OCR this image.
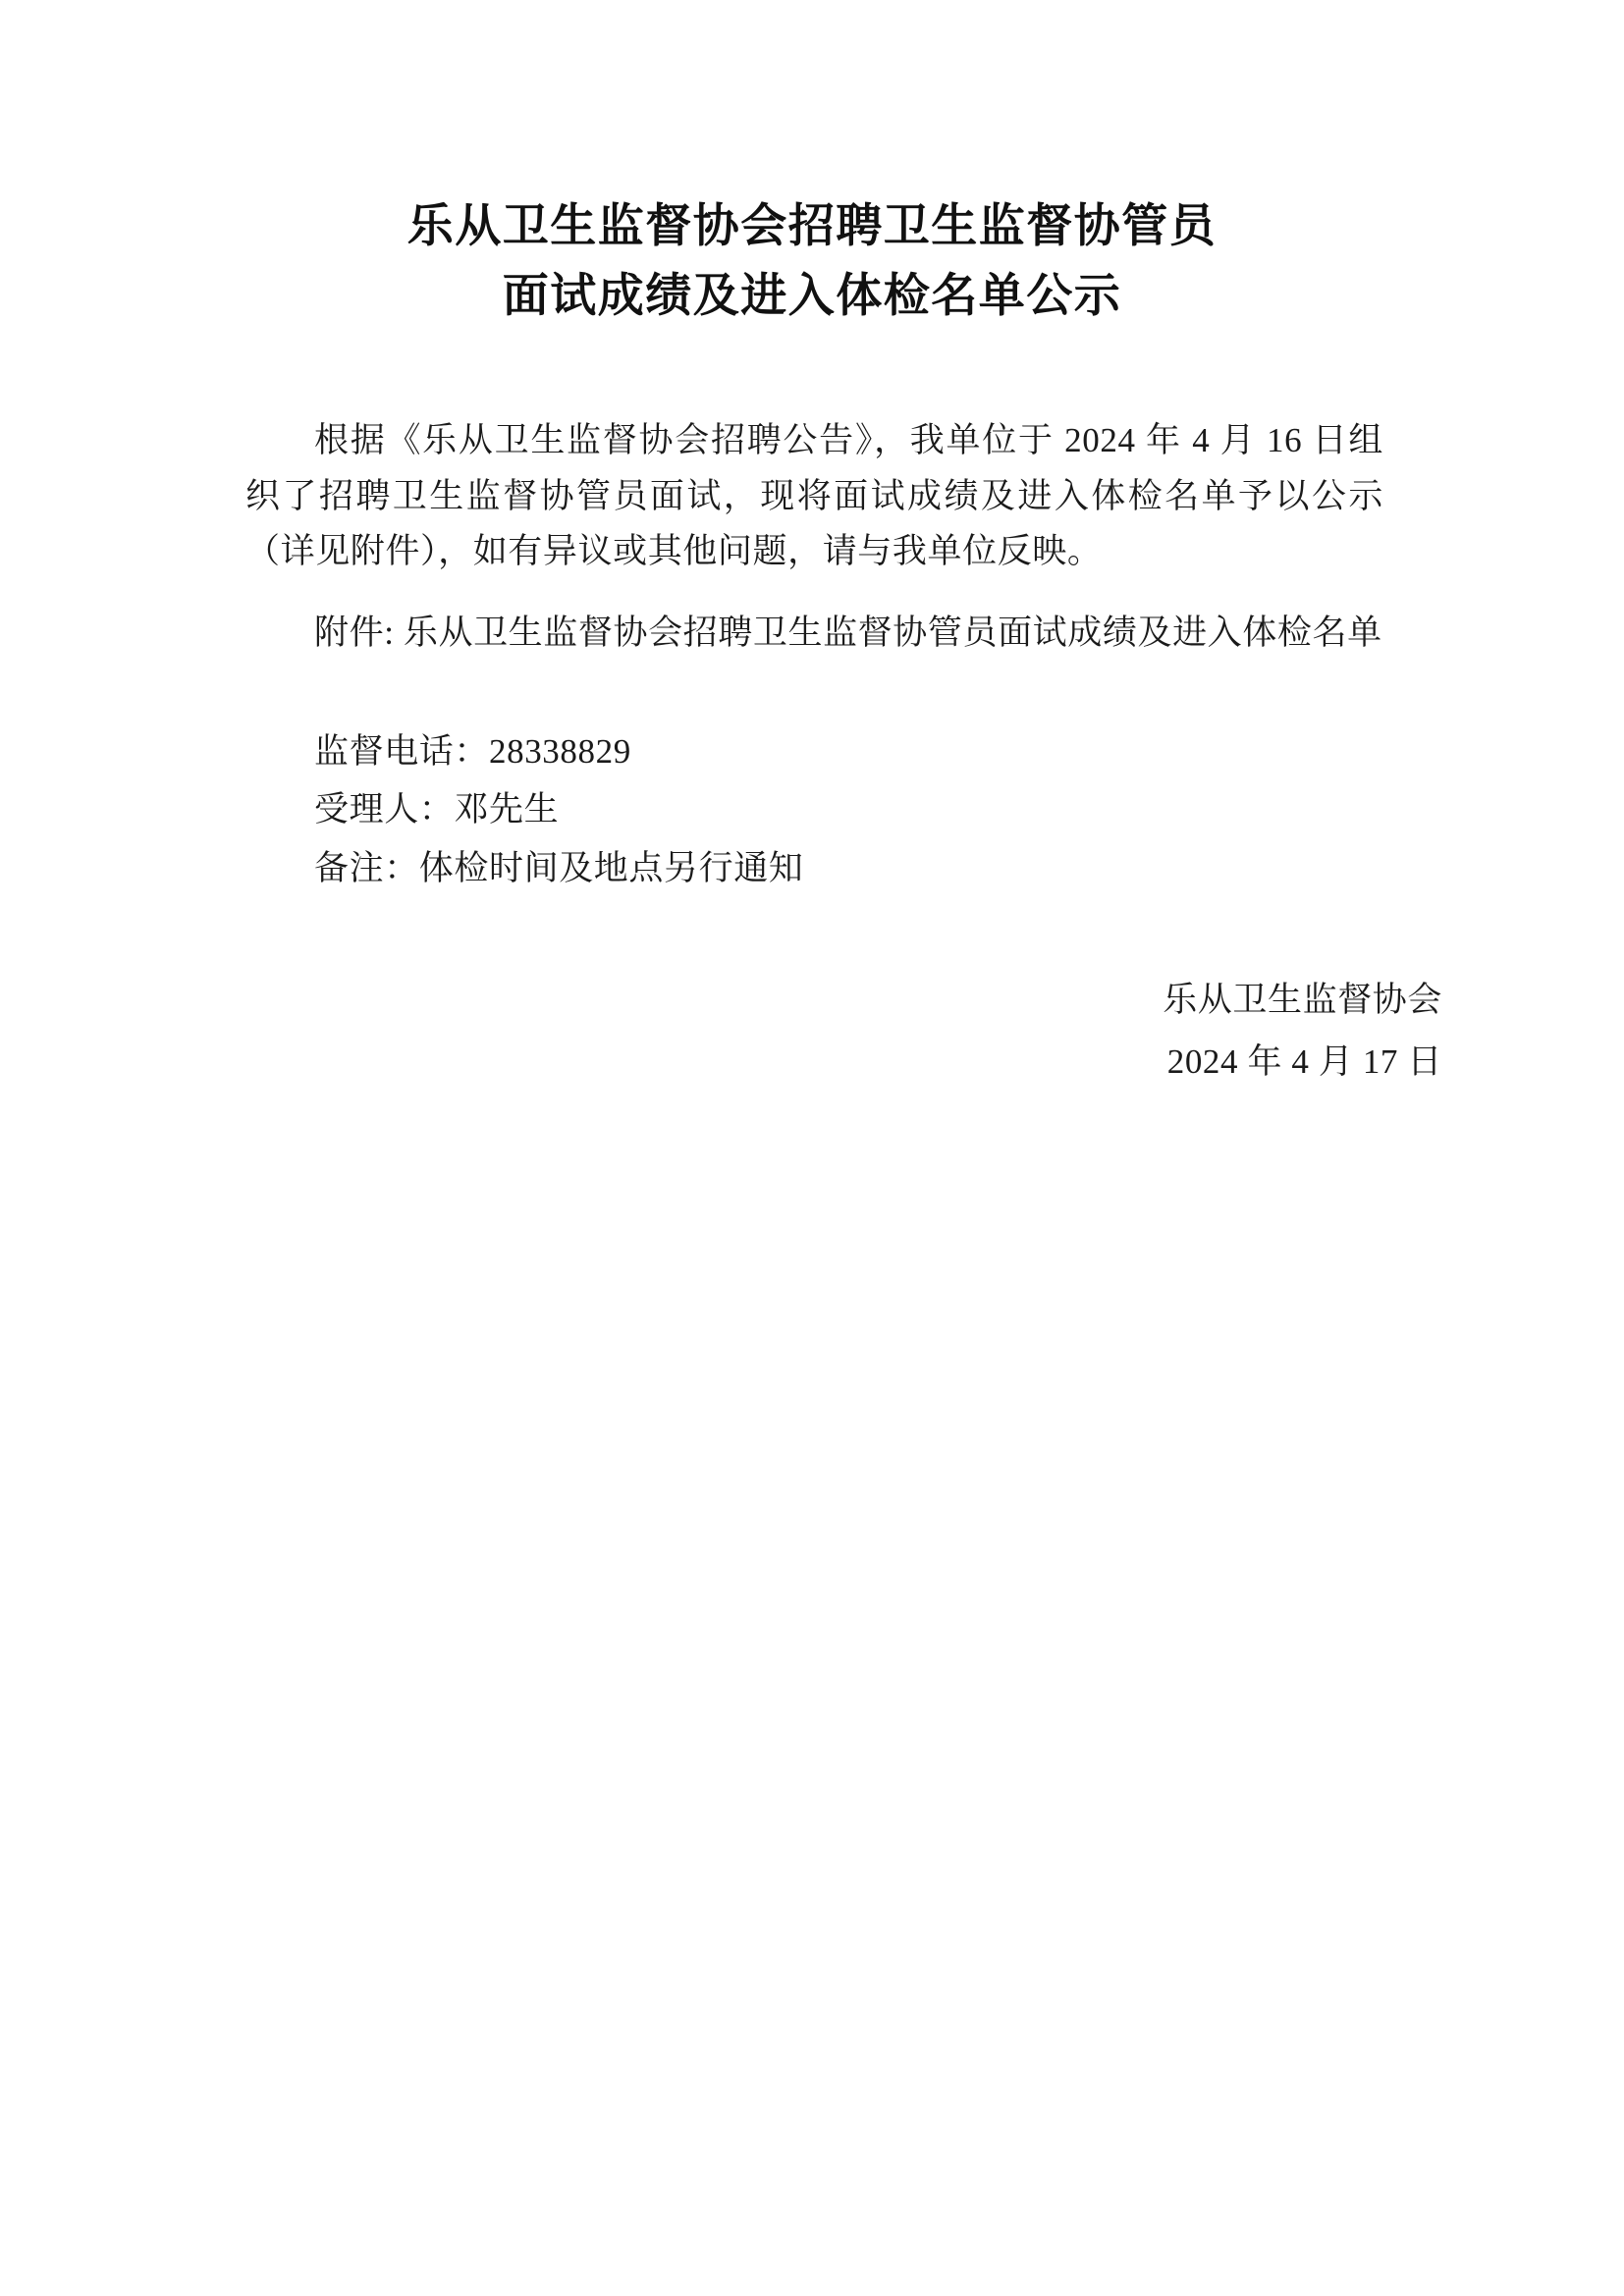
乐从卫生监督协会招聘卫生监督协管员
面试成绩及进入体检名单公示

根据《乐从卫生监督协会招聘公告》，我单位于 2024 年 4 月 16 日组织了招聘卫生监督协管员面试，现将面试成绩及进入体检名单予以公示（详见附件），如有异议或其他问题，请与我单位反映。

附件: 乐从卫生监督协会招聘卫生监督协管员面试成绩及进入体检名单

监督电话：28338829
受理人：邓先生
备注：体检时间及地点另行通知
乐从卫生监督协会
2024 年 4 月 17 日
